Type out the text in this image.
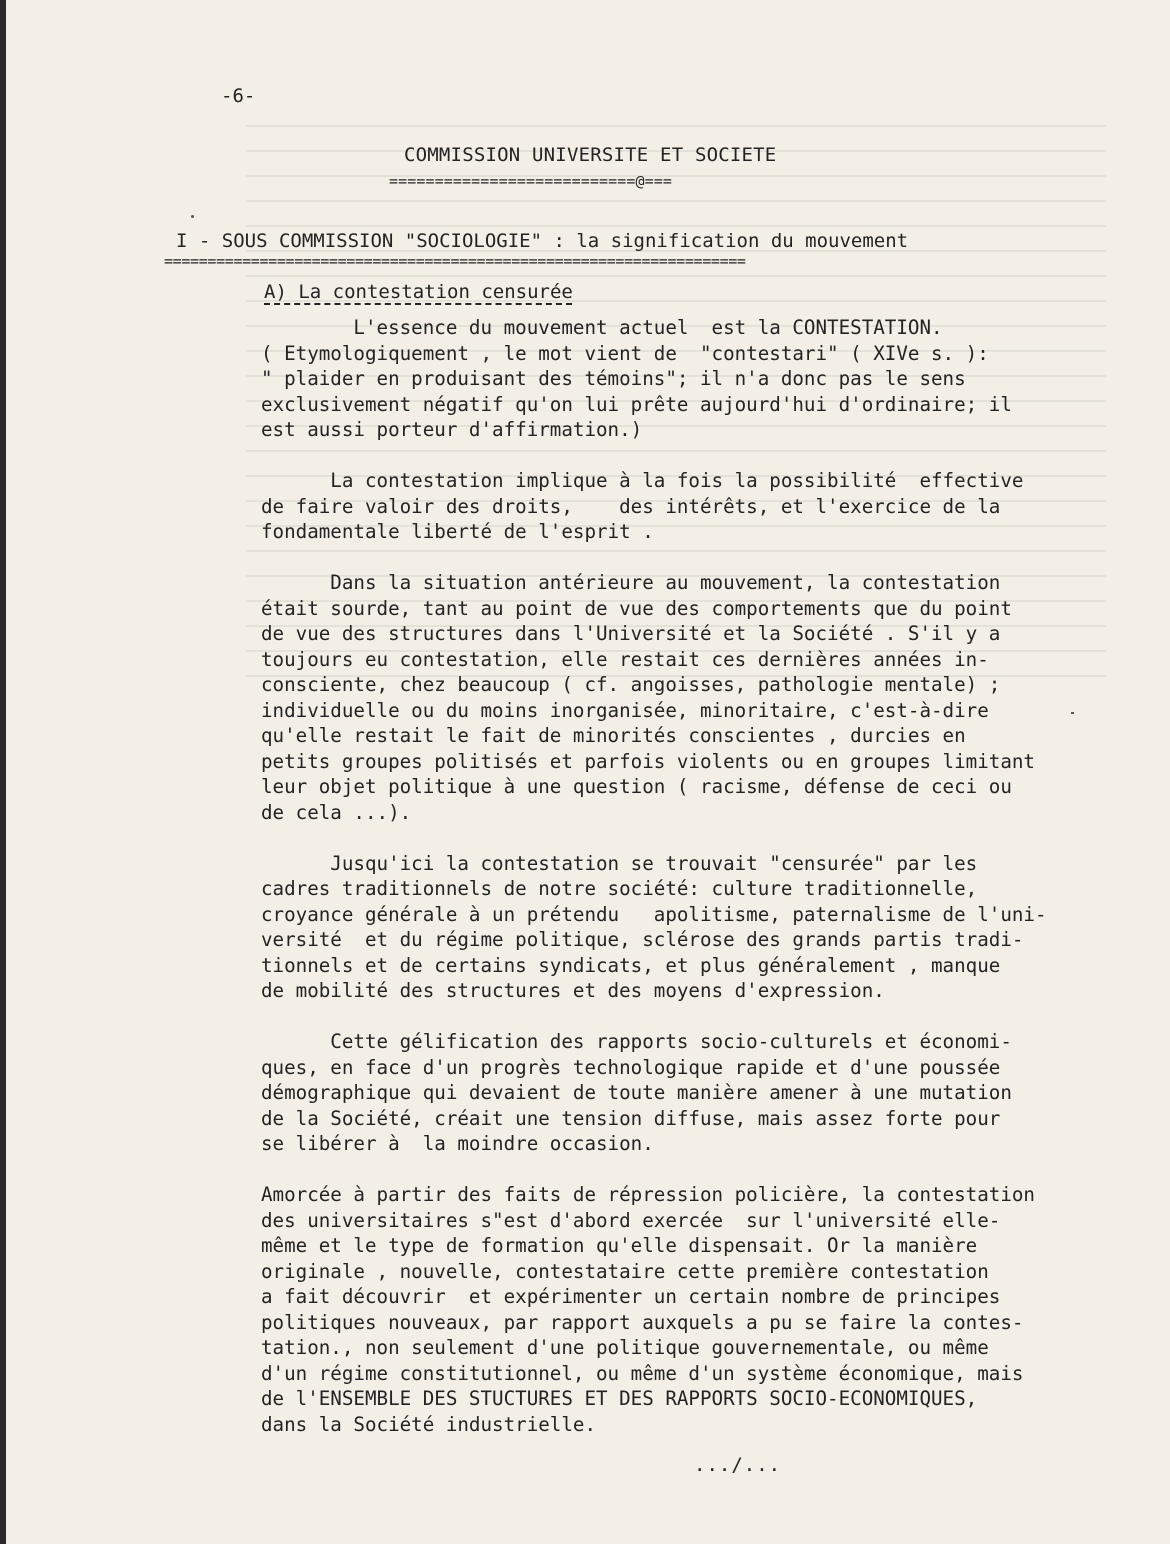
-6-
COMMISSION UNIVERSITE ET SOCIETE
===========================@===
I - SOUS COMMISSION "SOCIOLOGIE" : la signification du mouvement
===================================================================
A) La contestation censurée

L'essence du mouvement actuel  est la CONTESTATION.
( Etymologiquement , le mot vient de  "contestari" ( XIVe s. ):
" plaider en produisant des témoins"; il n'a donc pas le sens
exclusivement négatif qu'on lui prête aujourd'hui d'ordinaire; il
est aussi porteur d'affirmation.)

La contestation implique à la fois la possibilité  effective
de faire valoir des droits,    des intérêts, et l'exercice de la
fondamentale liberté de l'esprit .

Dans la situation antérieure au mouvement, la contestation
était sourde, tant au point de vue des comportements que du point
de vue des structures dans l'Université et la Société . S'il y a
toujours eu contestation, elle restait ces dernières années in-
consciente, chez beaucoup ( cf. angoisses, pathologie mentale) ;
individuelle ou du moins inorganisée, minoritaire, c'est-à-dire
qu'elle restait le fait de minorités conscientes , durcies en
petits groupes politisés et parfois violents ou en groupes limitant
leur objet politique à une question ( racisme, défense de ceci ou
de cela ...).

Jusqu'ici la contestation se trouvait "censurée" par les
cadres traditionnels de notre société: culture traditionnelle,
croyance générale à un prétendu   apolitisme, paternalisme de l'uni-
versité  et du régime politique, sclérose des grands partis tradi-
tionnels et de certains syndicats, et plus généralement , manque
de mobilité des structures et des moyens d'expression.

Cette gélification des rapports socio-culturels et économi-
ques, en face d'un progrès technologique rapide et d'une poussée
démographique qui devaient de toute manière amener à une mutation
de la Société, créait une tension diffuse, mais assez forte pour
se libérer à  la moindre occasion.

Amorcée à partir des faits de répression policière, la contestation
des universitaires s"est d'abord exercée  sur l'université elle-
même et le type de formation qu'elle dispensait. Or la manière
originale , nouvelle, contestataire cette première contestation
a fait découvrir  et expérimenter un certain nombre de principes
politiques nouveaux, par rapport auxquels a pu se faire la contes-
tation., non seulement d'une politique gouvernementale, ou même
d'un régime constitutionnel, ou même d'un système économique, mais
de l'ENSEMBLE DES STUCTURES ET DES RAPPORTS SOCIO-ECONOMIQUES,
dans la Société industrielle.

.../...
